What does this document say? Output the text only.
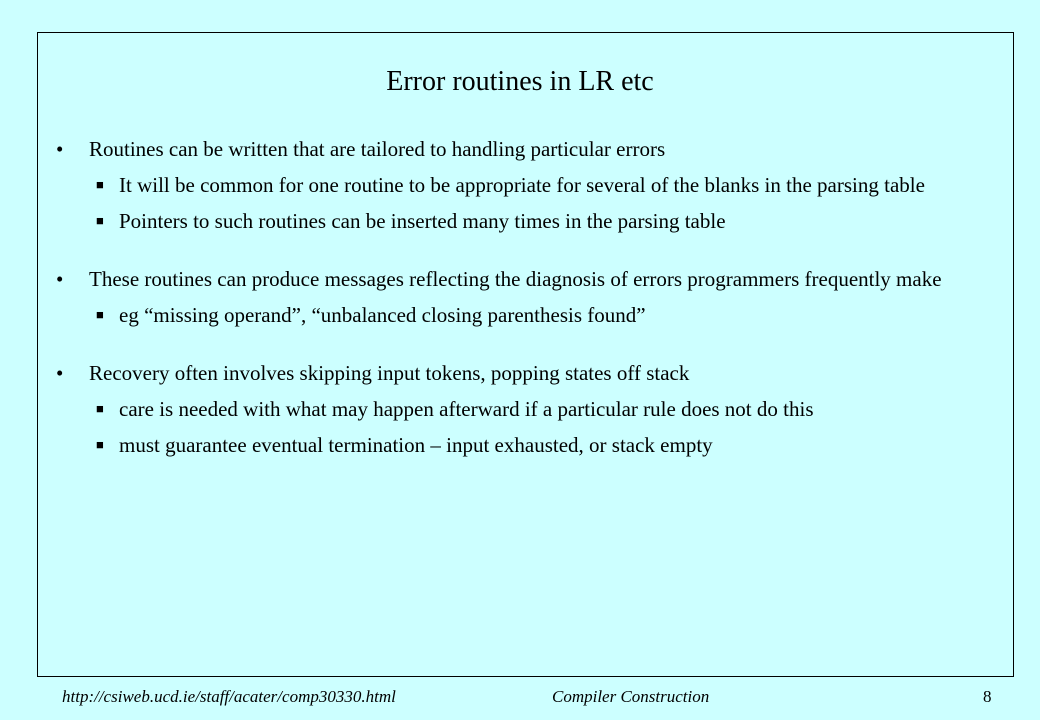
Error routines in LR etc

•	Routines can be written that are tailored to handling particular errors

■ It will be common for one routine to be appropriate for several of the blanks in the parsing table

■ Pointers to such routines can be inserted many times in the parsing table

•	These routines can produce messages reflecting the diagnosis of errors programmers frequently make

■ eg “missing operand”, “unbalanced closing parenthesis found”

•	Recovery often involves skipping input tokens, popping states off stack

■ care is needed with what may happen afterward if a particular rule does not do this

■ must guarantee eventual termination – input exhausted, or stack empty

http://csiweb.ucd.ie/staff/acater/comp30330.html	Compiler Construction	8
